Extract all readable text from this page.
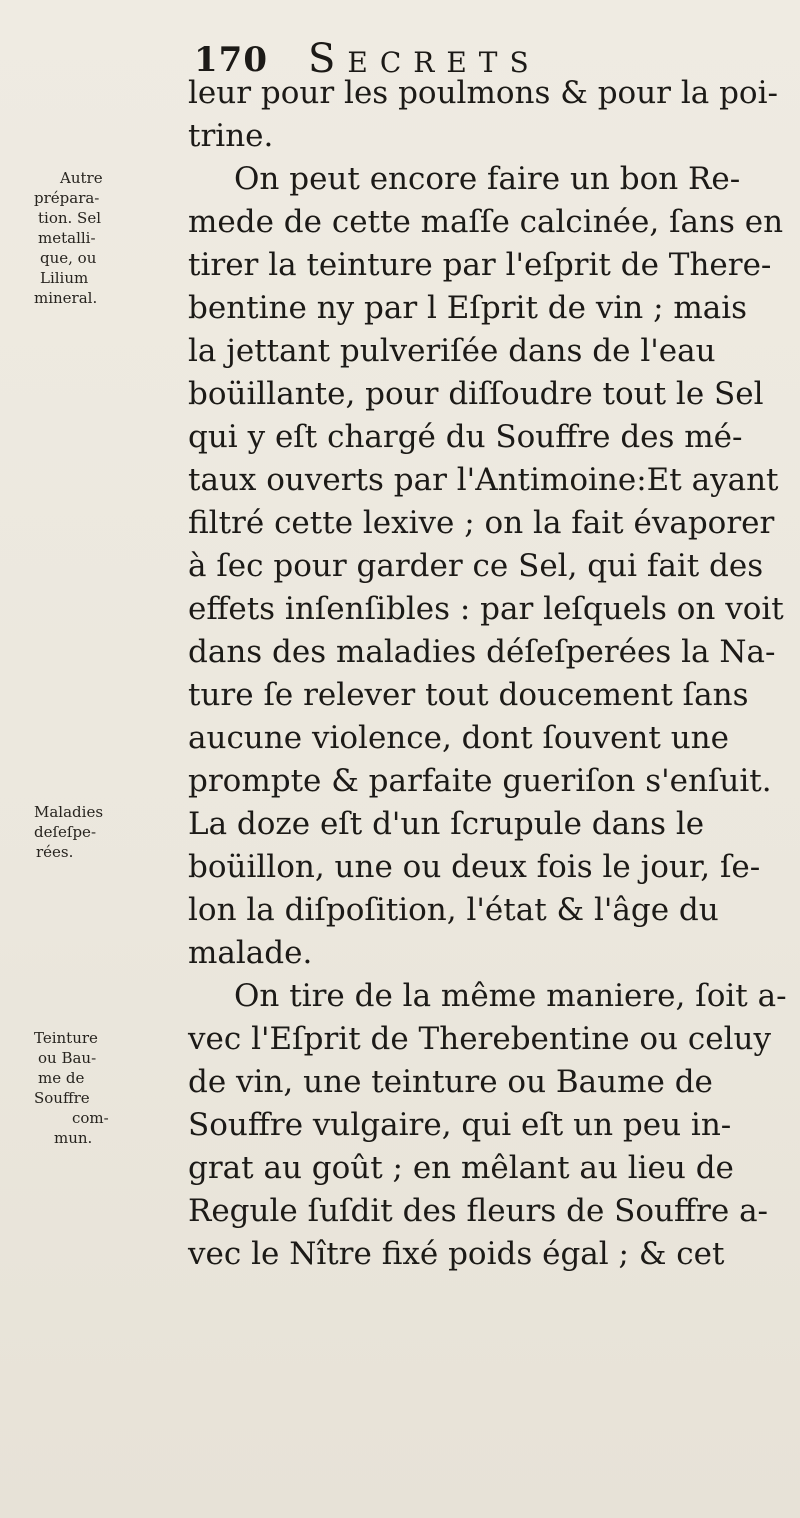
170 Secrets
leur pour les poulmons & pour la poi-
trine.
On peut encore faire un bon Re-
mede de cette maſſe calcinée, ſans en
tirer la teinture par l'eſprit de There-
bentine ny par l Eſprit de vin ; mais
la jettant pulveriſée dans de l'eau
boüillante, pour diſſoudre tout le Sel
qui y eſt chargé du Souffre des mé-
taux ouverts par l'Antimoine:Et ayant
filtré cette lexive ; on la fait évaporer
à ſec pour garder ce Sel, qui fait des
effets inſenſibles : par leſquels on voit
dans des maladies déſeſperées la Na-
ture ſe relever tout doucement ſans
aucune violence, dont ſouvent une
prompte & parfaite gueriſon s'enſuit.
La doze eſt d'un ſcrupule dans le
boüillon, une ou deux fois le jour, ſe-
lon la diſpoſition, l'état & l'âge du
malade.
On tire de la même maniere, ſoit a-
vec l'Eſprit de Therebentine ou celuy
de vin, une teinture ou Baume de
Souffre vulgaire, qui eſt un peu in-
grat au goût ; en mêlant au lieu de
Regule ſuſdit des fleurs de Souffre a-
vec le Nître fixé poids égal ; & cet
Autre
prépara-
tion. Sel
metalli-
que, ou
Lilium
mineral.
Maladies
deſeſpe-
rées.
Teinture
ou Bau-
me de
Souffre
com-
mun.
